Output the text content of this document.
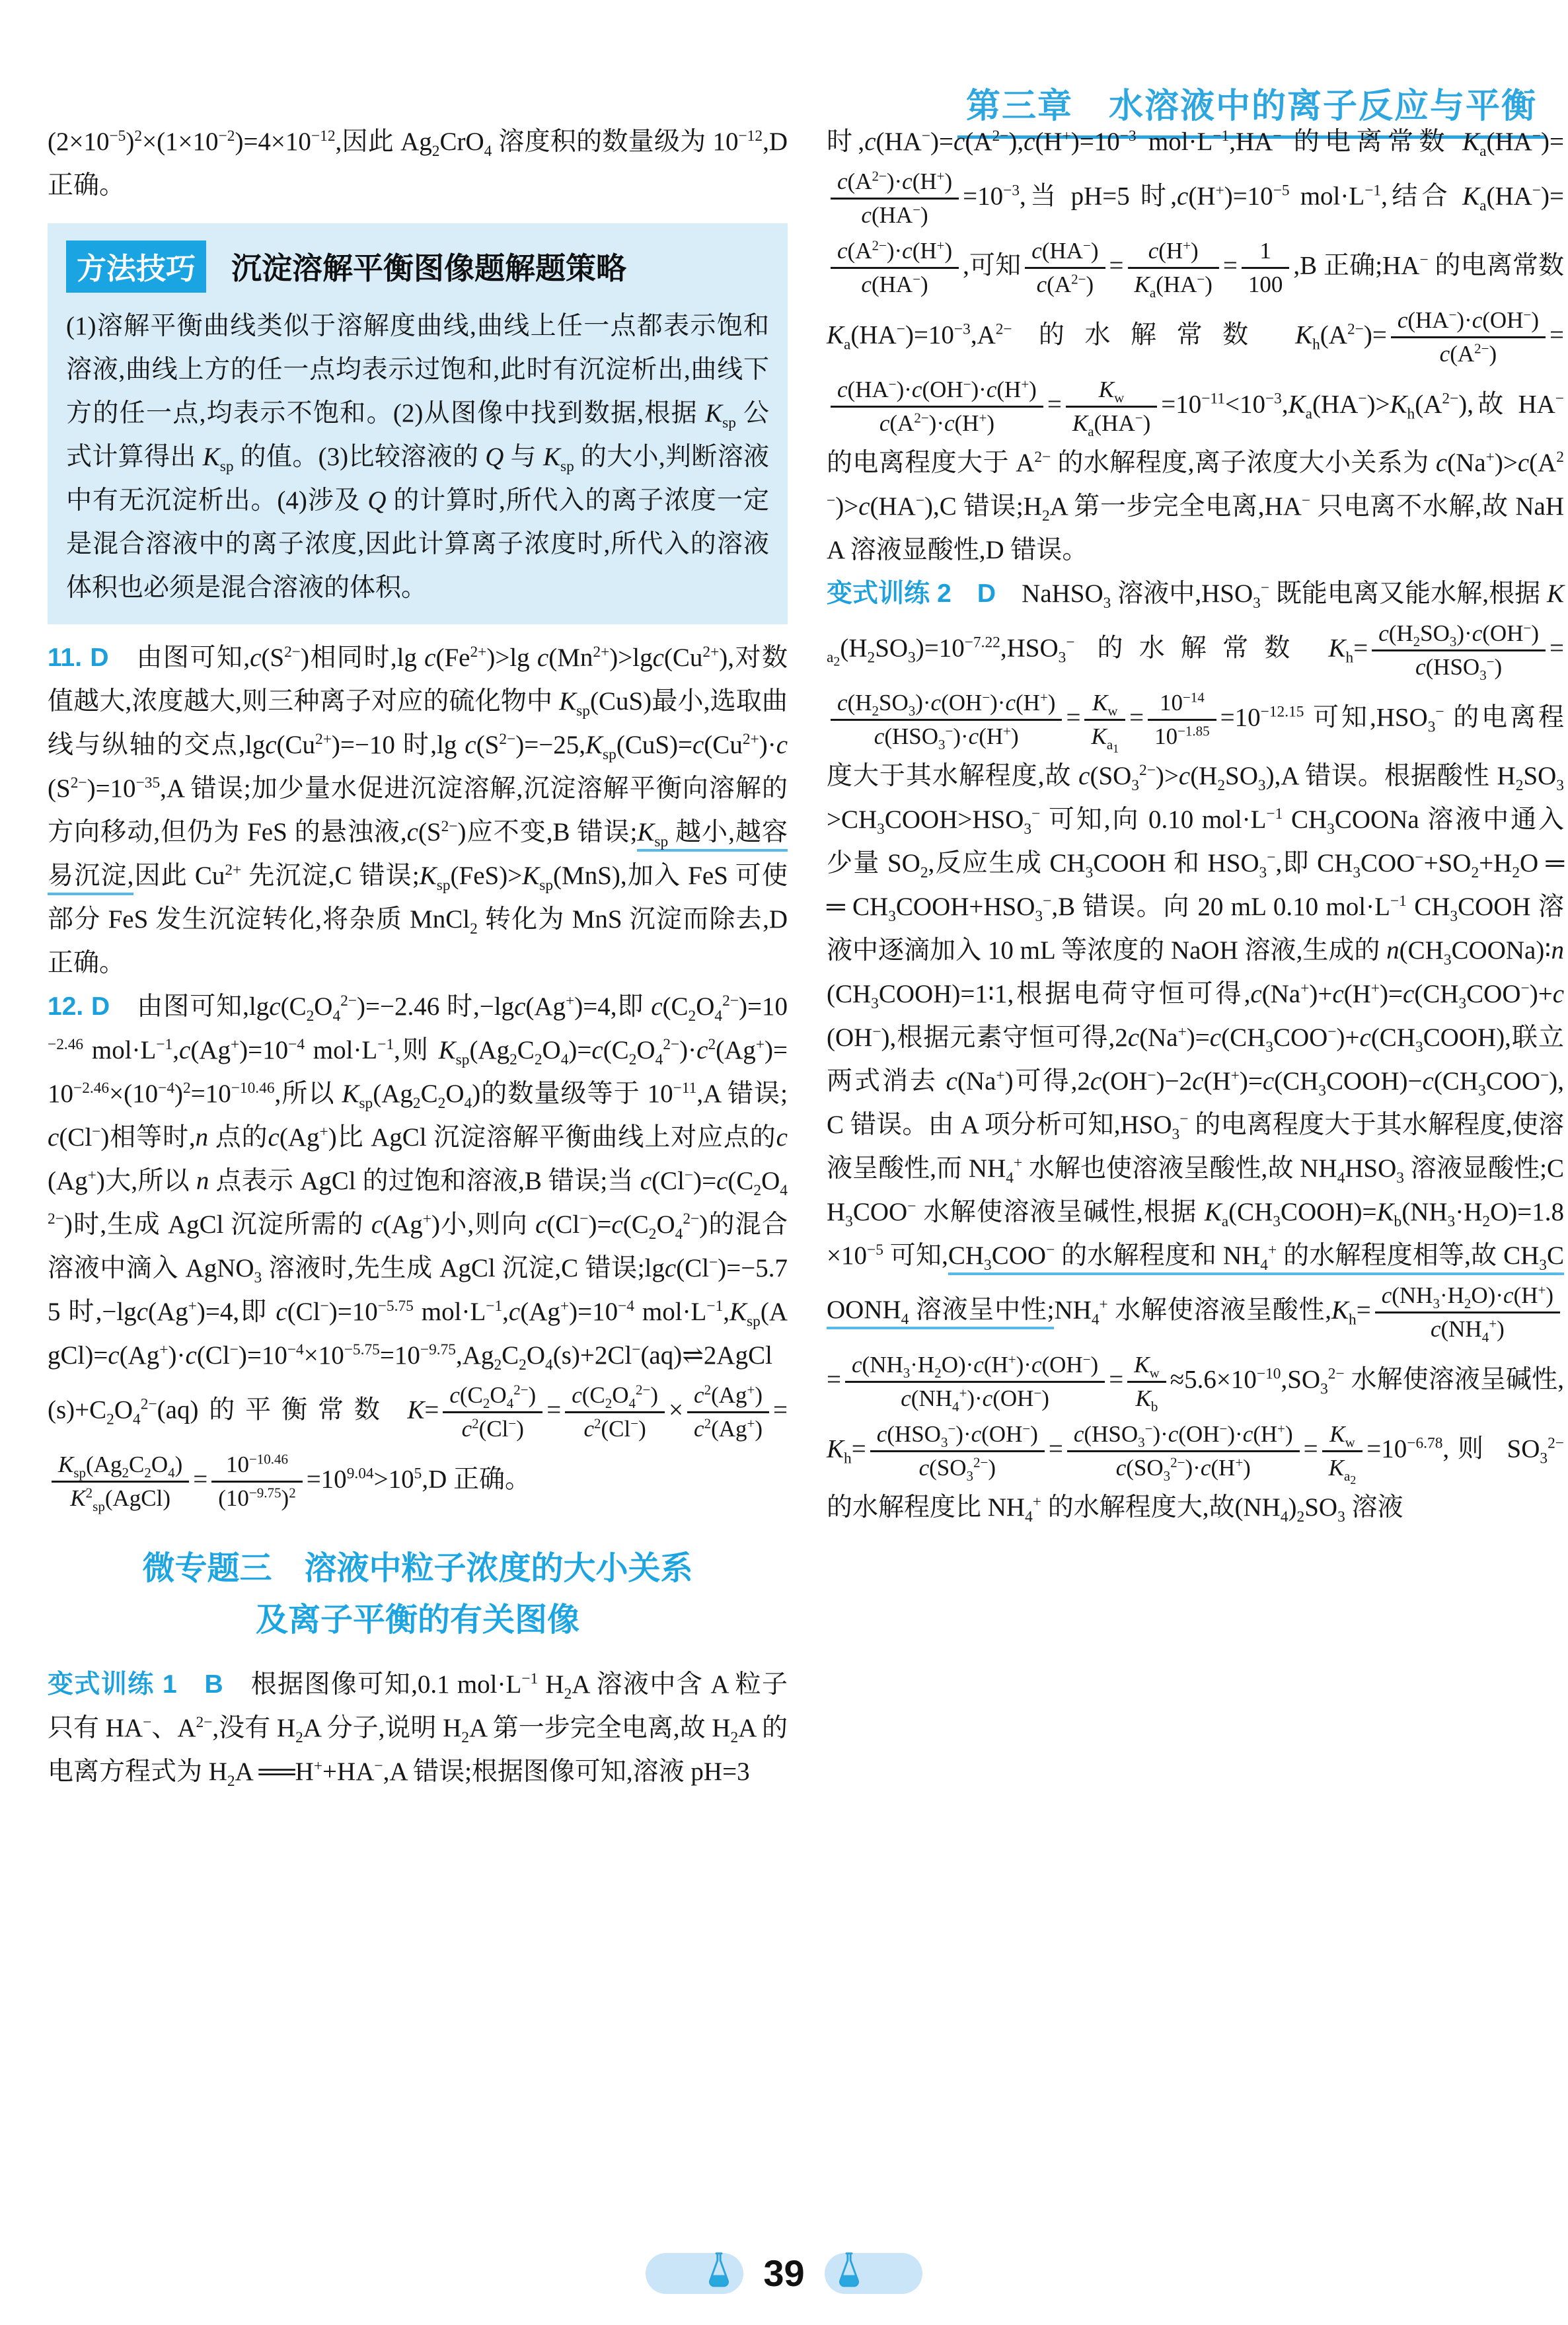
第三章　水溶液中的离子反应与平衡

$(2\times 10^{-5})^2\times(1\times 10^{-2})=4\times 10^{-12}$,因此 $Ag_2CrO_4$ 溶度积的数量级为 $10^{-12},D$ 正确。

方法技巧 沉淀溶解平衡图像题解题策略

(1)溶解平衡曲线类似于溶解度曲线,曲线上任一点都表示饱和溶液,曲线上方的任一点均表示过饱和,此时有沉淀析出,曲线下方的任一点,均表示不饱和。(2)从图像中找到数据,根据 $K_{sp}$ 公式计算得出 $K_{sp}$ 的值。(3)比较溶液的 Q 与 $K_{sp}$ 的大小,判断溶液中有无沉淀析出。(4)涉及 Q 的计算时,所代入的离子浓度一定是混合溶液中的离子浓度,因此计算离子浓度时,所代入的溶液体积也必须是混合溶液的体积。

11. D　由图可知$,c(S^{2-})$相同时,lg $c(Fe^{2+})>\lg$ $c(Mn^{2+})>\lg c(Cu^{2+})$,对数值越大,浓度越大,则三种离子对应的硫化物中 $K_{sp}(CuS)$最小,选取曲线与纵轴的交点$,\lg c(Cu^{2+})=-10$ 时,lg $c(S^{2-})=-25,K_{sp}(CuS)=c(Cu^{2+})\cdot c(S^{2-})=10^{-35},A$ 错误;加少量水促进沉淀溶解,沉淀溶解平衡向溶解的方向移动,但仍为 FeS 的悬浊液$,c(S^{2-})$应不变,B 错误$;K_{sp}$ 越小,越容易沉淀,因此 $Cu^{2+}$ 先沉淀,C 错误$;K_{sp}(FeS)>K_{sp}(MnS)$,加入 FeS 可使部分 FeS 发生沉淀转化,将杂质 MnCl$_2$ 转化为 MnS 沉淀而除去,D 正确。

12. D　由图可知$,\lg c(C_2O_4^{2-})=-2.46$ 时,−lgc(Ag+)=4,即 $c(C_2O_4^{2-})=10^{-2.46}$ $mol\cdot L^{-1},c(Ag^+)=10^{-4}$ $mol\cdot L^{-1}$,则 $K_{sp}(Ag_2C_2O_4)=c(C_2O_4^{2-})\cdot c^2(Ag^+)=10^{-2.46}\times(10^{-4})^2=10^{-10.46}$,所以 $K_{sp}(Ag_2C_2O_4)$的数量级等于 $10^{-11},A$ 错误;c(Cl−)相等时,n 点的c(Ag+)比 AgCl 沉淀溶解平衡曲线上对应点的c(Ag+)大,所以 n 点表示 AgCl 的过饱和溶液,B 错误;当 $c(Cl^-)=c(C_2O_4^{2-})$时,生成 AgCl 沉淀所需的 c(Ag+)小,则向 $c(Cl^-)=c(C_2O_4^{2-})$的混合溶液中滴入 AgNO$_3$ 溶液时,先生成 AgCl 沉淀,C 错误;lgc(Cl−)=−5.75 时,−lgc(Ag+)=4,即 $c(Cl^-)=10^{-5.75}$ $mol\cdot L^{-1},c(Ag^+)=10^{-4}$ $mol\cdot L^{-1},K_{sp}(AgCl)=c(Ag^+)\cdot c(Cl^-)=10^{-4}\times 10^{-5.75}=10^{-9.75},Ag_2C_2O_4(s)+2Cl^-(aq)\rightleftharpoons 2AgCl(s)+C_2O_4^{2-}(aq)$的平衡常数 $K= \frac{c(C_2O_4^{2-})}{c^2(Cl^-)} = \frac{c(C_2O_4^{2-})}{c^2(Cl^-)} \times \frac{c^2(Ag^+)}{c^2(Ag^+)}$ =
$K_{sp}(Ag_2C_2O_4)$
$K^2_{sp}(AgCl)$
= $\frac{10^{-10.46}}{(10^{-9.75})^2} =10^{9.04}>10^5,D$ 正确。

微专题三　溶液中粒子浓度的大小关系
及离子平衡的有关图像

变式训练 1　B　根据图像可知,0.1 $mol\cdot L^{-1}$ $H_2A$ 溶液中含 A 粒子只有 HA−、$A^{2-}$,没有 $H_2A$ 分子,说明 $H_2A$ 第一步完全电离,故 $H_2A$ 的电离方程式为 $H_2A$ ══H++HA−,A 错误;根据图像可知,溶液 pH=3

时$,c(HA^-)=c(A^{2-}),c(H^+)=10^{-3}$ $mol\cdot L^{-1},HA^-$ 的电离常数 $K_a(HA^-)=$
$\frac{c(A^{2-})\cdot c(H^+)}{c(HA^-)} =10^{-3}$,当 pH=5 时$,c(H^+)=10^{-5}$ $mol\cdot L^{-1}$,结合 $K_a(HA^-)=$
$\frac{c(A^{2-})\cdot c(H^+)}{c(HA^-)}$ ,可知 $\frac{c(HA^-)}{c(A^{2-})} = \frac{c(H^+)}{K_a(HA^-)} = \frac{1}{100} ,B$ 正确;HA− 的电离常数 $K_a(HA^-)=10^{-3},A^{2-}$ 的水解常数 $K_h(A^{2-})= \frac{c(HA^-)\cdot c(OH^-)}{c(A^{2-})}$ =
$\frac{c(HA^-)\cdot c(OH^-)\cdot c(H^+)}{c(A^{2-})\cdot c(H^+)} = \frac{K_w}{K_a(HA^-)} =10^{-11}<10^{-3},K_a(HA^-)>K_h(A^{2-})$,故 HA− 的电离程度大于 $A^{2-}$ 的水解程度,离子浓度大小关系为 $c(Na^+)>c(A^{2-})>c(HA^-),C$ 错误$;H_2A$ 第一步完全电离,HA− 只电离不水解,故 NaHA 溶液显酸性,D 错误。

变式训练 2　D　NaHSO$_3$ 溶液中$,HSO_3^-$ 既能电离又能水解,根据 $K_{a_2}(H_2SO_3)=10^{-7.22},HSO_3^-$ 的水解常数 $K_h=$
$c(H_2SO_3)\cdot c(OH^-)$
$c(HSO_3^-)$
=
$c(H_2SO_3)\cdot c(OH^-)\cdot c(H^+)$
$c(HSO_3^-)\cdot c(H^+)$
= $\frac{K_w}{K_{a_1}} = \frac{10^{-14}}{10^{-1.85}} =10^{-12.15}$ 可知$,HSO_3^-$ 的电离程度大于其水解程度,故 $c(SO_3^{2-})>c(H_2SO_3),A$ 错误。根据酸性 $H_2SO_3>CH_3COOH>HSO_3^-$ 可知,向 0.10 $mol\cdot L^{-1}$ $CH_3COONa$ 溶液中通入少量 $SO_2$,反应生成 $CH_3COOH$ 和 $HSO_3^-$,即 $CH_3COO^-+SO_2+H_2O$ ══ $CH_3COOH+HSO_3^-,B$ 错误。向 20 mL 0.10 $mol\cdot L^{-1}$ $CH_3COOH$ 溶液中逐滴加入 10 mL 等浓度的 NaOH 溶液,生成的 $n(CH_3COONa)∶n(CH_3COOH)=1∶1$,根据电荷守恒可得$,c(Na^+)+c(H^+)=c(CH_3COO^-)+c(OH^-)$,根据元素守恒可得$,2c(Na^+)=c(CH_3COO^-)+c(CH_3COOH)$,联立两式消去 c(Na+)可得$,2c(OH^-)-2c(H^+)=c(CH_3COOH)-c(CH_3COO^-),C$ 错误。由 A 项分析可知$,HSO_3^-$ 的电离程度大于其水解程度,使溶液呈酸性,而 $NH_4^+$ 水解也使溶液呈酸性,故 $NH_4HSO_3$ 溶液显酸性$;CH_3COO^-$ 水解使溶液呈碱性,根据 $K_a(CH_3COOH)=K_b(NH_3\cdot H_2O)=1.8\times 10^{-5}$ 可知$,CH_3COO^-$ 的水解程度和 $NH_4^+$ 的水解程度相等,故 $CH_3COONH_4$ 溶液呈中性$;NH_4^+$ 水解使溶液呈酸性$,K_h= \frac{c(NH_3\cdot H_2O)\cdot c(H^+)}{c(NH_4^+)}$
= $\frac{c(NH_3\cdot H_2O)\cdot c(H^+)\cdot c(OH^-)}{c(NH_4^+)\cdot c(OH^-)} = \frac{K_w}{K_b} \approx 5.6\times 10^{-10},SO_3^{2-}$ 水解使溶液呈碱性$,K_h=$
$c(HSO_3^-)\cdot c(OH^-)$
$c(SO_3^{2-})$
=
$c(HSO_3^-)\cdot c(OH^-)\cdot c(H^+)$
$c(SO_3^{2-})\cdot c(H^+)$
= $\frac{K_w}{K_{a_2}} =10^{-6.78}$,则 $SO_3^{2-}$ 的水解程度比 $NH_4^+$ 的水解程度大,故$(NH_4)_2SO_3$ 溶液

39
